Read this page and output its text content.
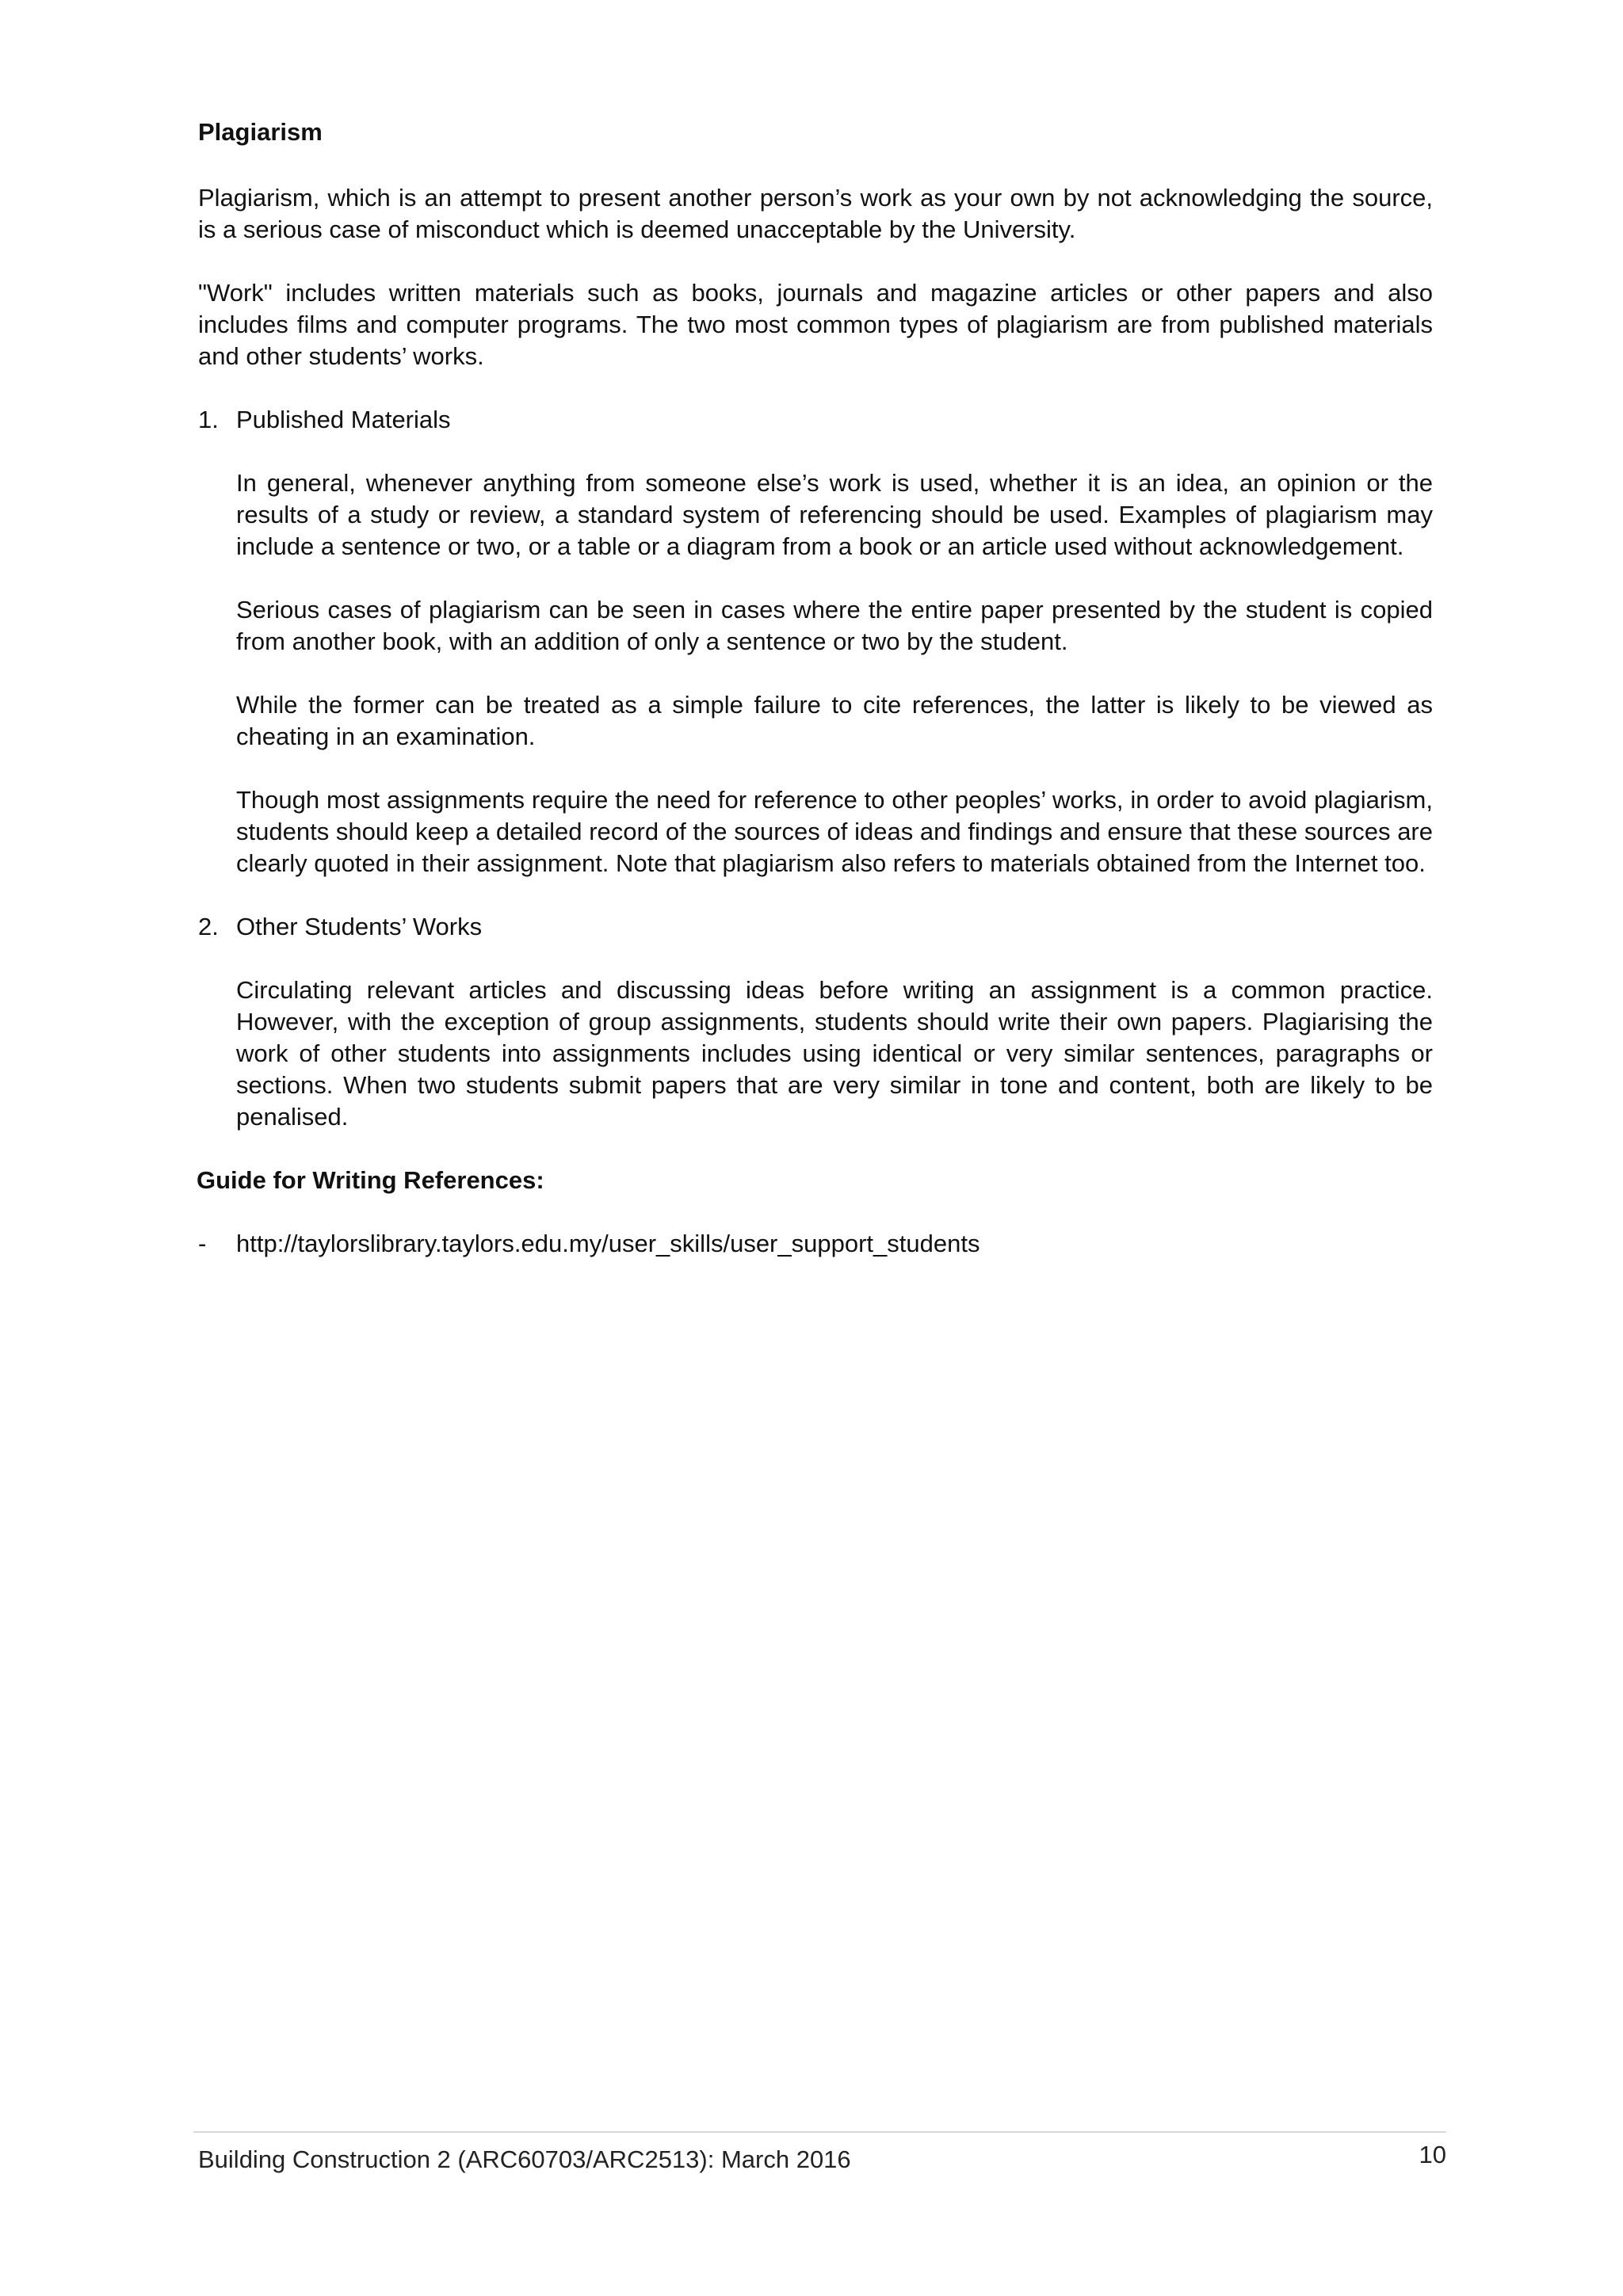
Plagiarism

Plagiarism, which is an attempt to present another person’s work as your own by not acknowledging the source, is a serious case of misconduct which is deemed unacceptable by the University.

"Work" includes written materials such as books, journals and magazine articles or other papers and also includes films and computer programs. The two most common types of plagiarism are from published materials and other students’ works.

1. Published Materials

In general, whenever anything from someone else’s work is used, whether it is an idea, an opinion or the results of a study or review, a standard system of referencing should be used. Examples of plagiarism may include a sentence or two, or a table or a diagram from a book or an article used without acknowledgement.

Serious cases of plagiarism can be seen in cases where the entire paper presented by the student is copied from another book, with an addition of only a sentence or two by the student.

While the former can be treated as a simple failure to cite references, the latter is likely to be viewed as cheating in an examination.

Though most assignments require the need for reference to other peoples’ works, in order to avoid plagiarism, students should keep a detailed record of the sources of ideas and findings and ensure that these sources are clearly quoted in their assignment. Note that plagiarism also refers to materials obtained from the Internet too.

2. Other Students’ Works

Circulating relevant articles and discussing ideas before writing an assignment is a common practice. However, with the exception of group assignments, students should write their own papers. Plagiarising the work of other students into assignments includes using identical or very similar sentences, paragraphs or sections. When two students submit papers that are very similar in tone and content, both are likely to be penalised.

Guide for Writing References:

- http://taylorslibrary.taylors.edu.my/user_skills/user_support_students
Building Construction 2 (ARC60703/ARC2513): March 2016	10
